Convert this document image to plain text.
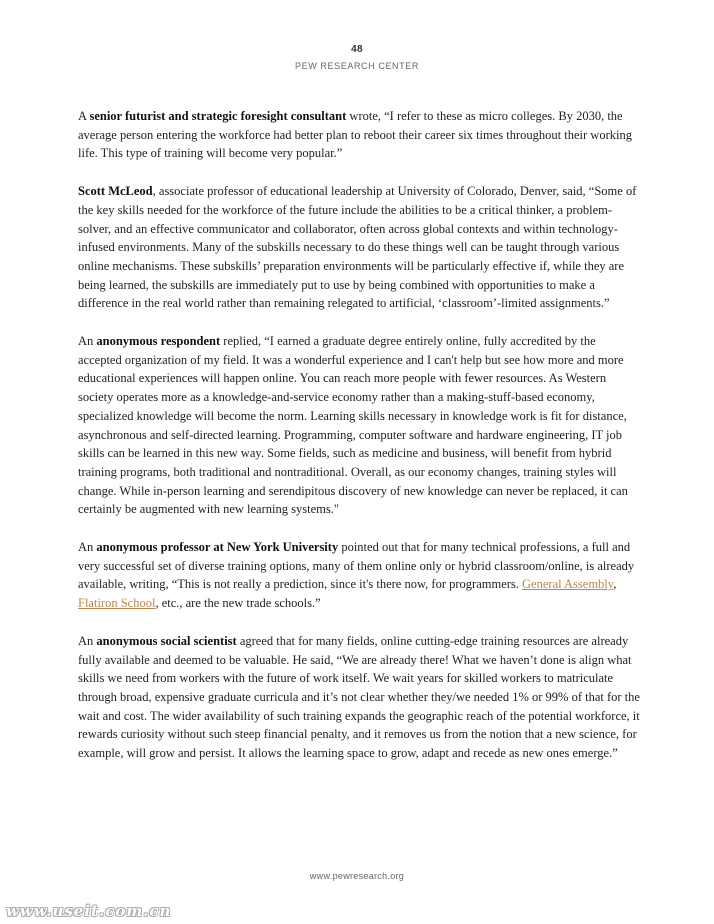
48
PEW RESEARCH CENTER

A senior futurist and strategic foresight consultant wrote, “I refer to these as micro colleges. By 2030, the average person entering the workforce had better plan to reboot their career six times throughout their working life. This type of training will become very popular.”

Scott McLeod, associate professor of educational leadership at University of Colorado, Denver, said, “Some of the key skills needed for the workforce of the future include the abilities to be a critical thinker, a problem-solver, and an effective communicator and collaborator, often across global contexts and within technology-infused environments. Many of the subskills necessary to do these things well can be taught through various online mechanisms. These subskills’ preparation environments will be particularly effective if, while they are being learned, the subskills are immediately put to use by being combined with opportunities to make a difference in the real world rather than remaining relegated to artificial, ‘classroom’-limited assignments.”

An anonymous respondent replied, “I earned a graduate degree entirely online, fully accredited by the accepted organization of my field. It was a wonderful experience and I can't help but see how more and more educational experiences will happen online. You can reach more people with fewer resources. As Western society operates more as a knowledge-and-service economy rather than a making-stuff-based economy, specialized knowledge will become the norm. Learning skills necessary in knowledge work is fit for distance, asynchronous and self-directed learning. Programming, computer software and hardware engineering, IT job skills can be learned in this new way. Some fields, such as medicine and business, will benefit from hybrid training programs, both traditional and nontraditional. Overall, as our economy changes, training styles will change. While in-person learning and serendipitous discovery of new knowledge can never be replaced, it can certainly be augmented with new learning systems."

An anonymous professor at New York University pointed out that for many technical professions, a full and very successful set of diverse training options, many of them online only or hybrid classroom/online, is already available, writing, “This is not really a prediction, since it's there now, for programmers. General Assembly, Flatiron School, etc., are the new trade schools.”

An anonymous social scientist agreed that for many fields, online cutting-edge training resources are already fully available and deemed to be valuable. He said, “We are already there! What we haven’t done is align what skills we need from workers with the future of work itself. We wait years for skilled workers to matriculate through broad, expensive graduate curricula and it’s not clear whether they/we needed 1% or 99% of that for the wait and cost. The wider availability of such training expands the geographic reach of the potential workforce, it rewards curiosity without such steep financial penalty, and it removes us from the notion that a new science, for example, will grow and persist. It allows the learning space to grow, adapt and recede as new ones emerge.”

www.pewresearch.org
www.useit.com.cn
